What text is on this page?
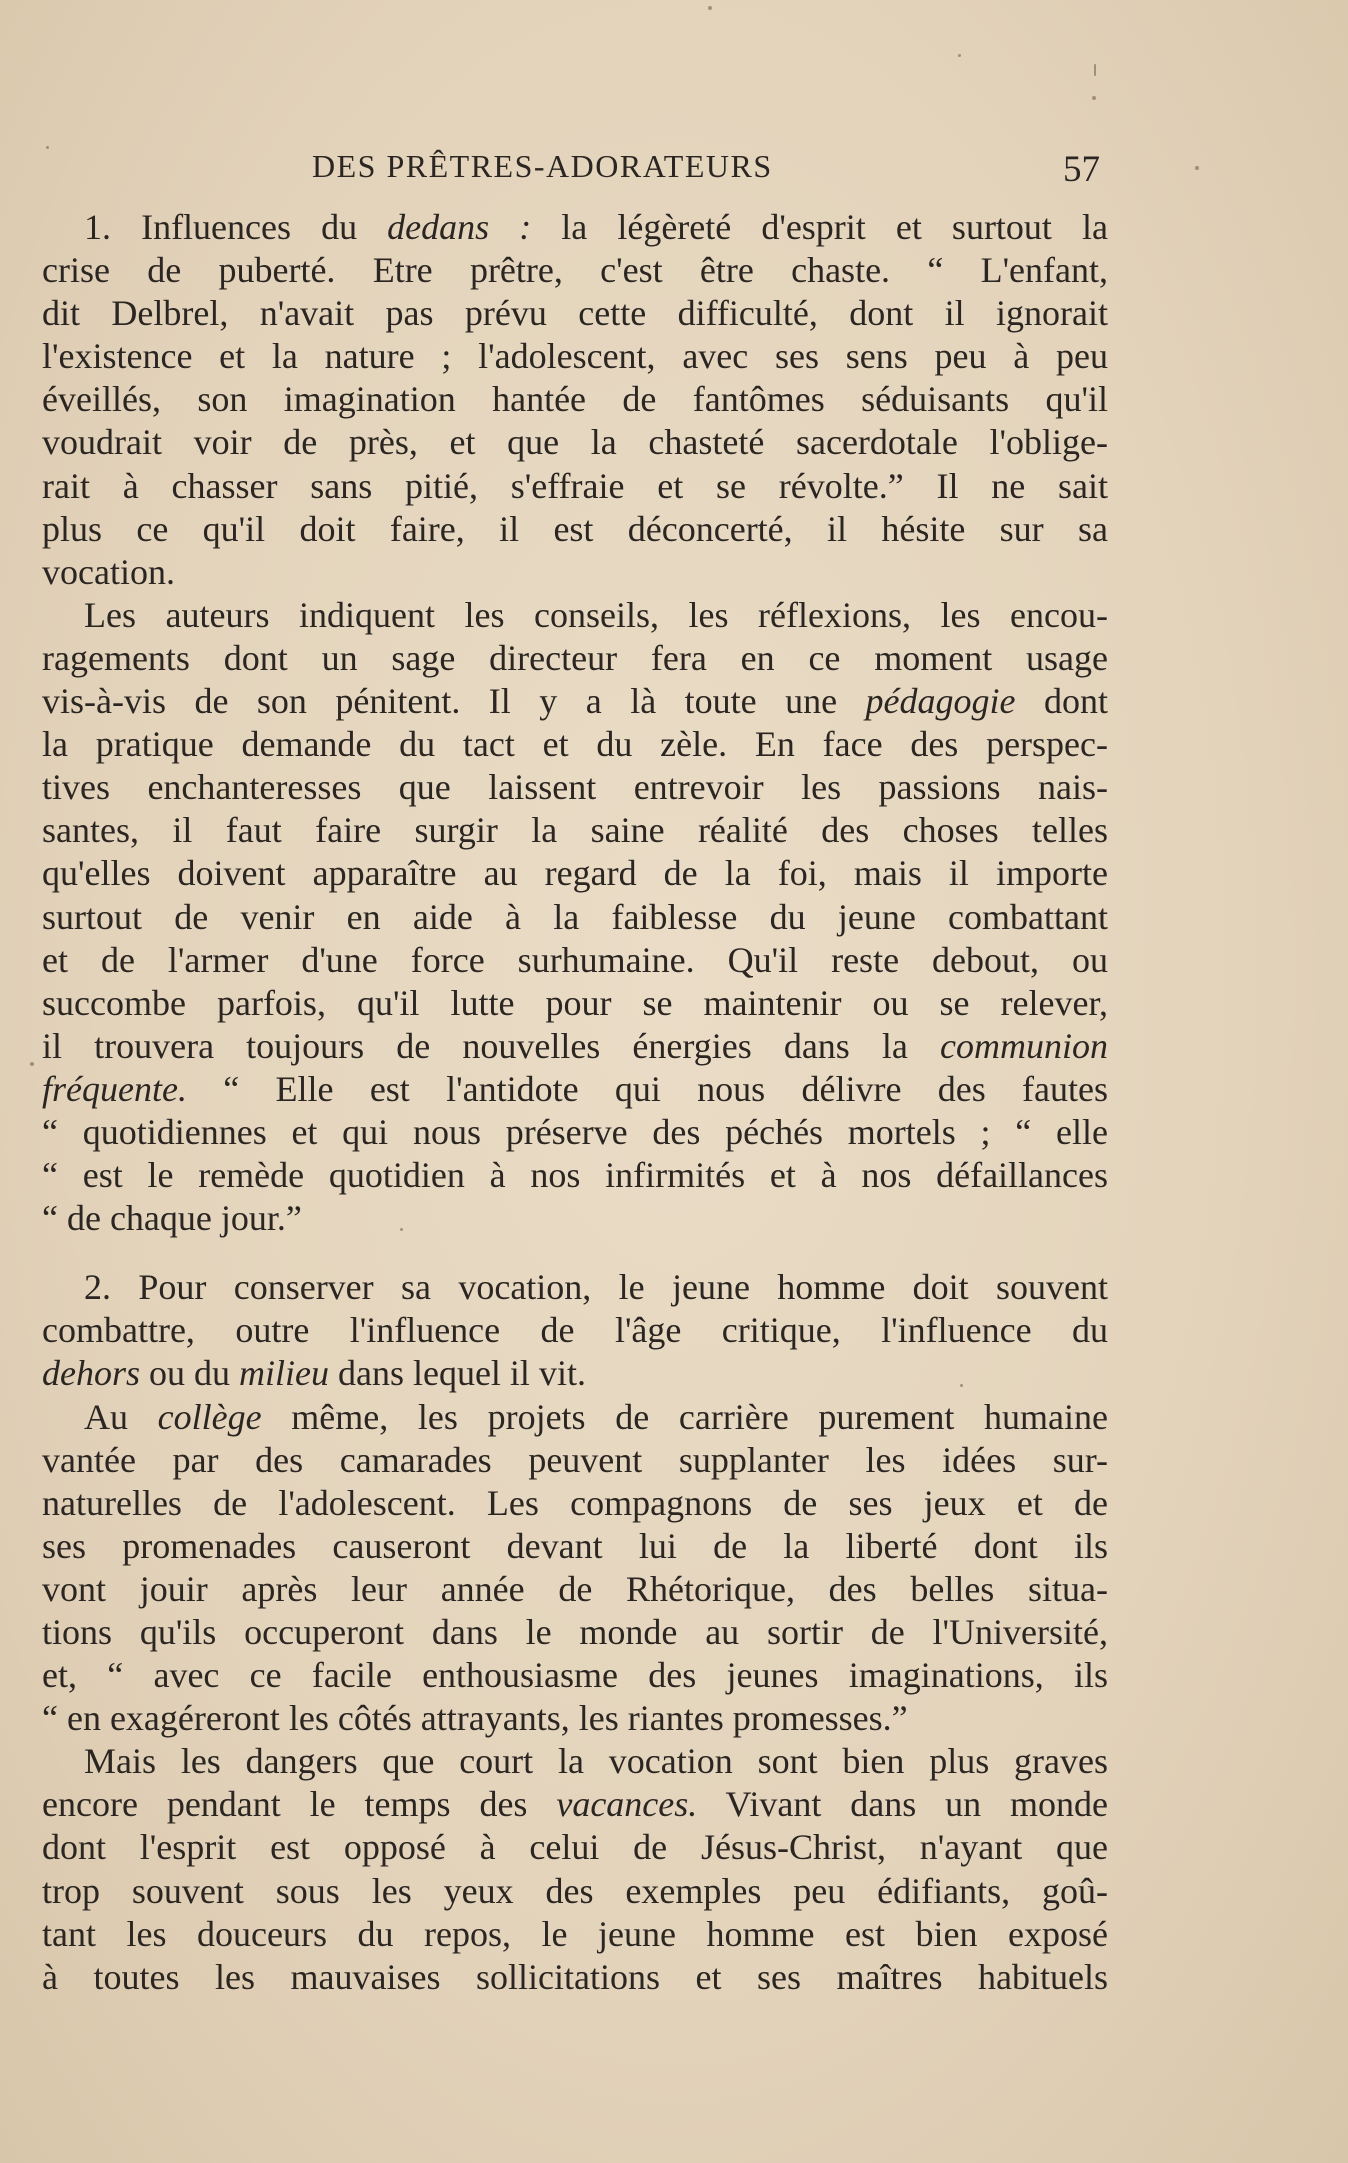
DES PRÊTRES-ADORATEURS	57
1. Influences du dedans : la légèreté d'esprit et surtout la
crise de puberté. Etre prêtre, c'est être chaste. “ L'enfant,
dit Delbrel, n'avait pas prévu cette difficulté, dont il ignorait
l'existence et la nature ; l'adolescent, avec ses sens peu à peu
éveillés, son imagination hantée de fantômes séduisants qu'il
voudrait voir de près, et que la chasteté sacerdotale l'oblige-
rait à chasser sans pitié, s'effraie et se révolte.” Il ne sait
plus ce qu'il doit faire, il est déconcerté, il hésite sur sa
vocation.
Les auteurs indiquent les conseils, les réflexions, les encou-
ragements dont un sage directeur fera en ce moment usage
vis-à-vis de son pénitent. Il y a là toute une pédagogie dont
la pratique demande du tact et du zèle. En face des perspec-
tives enchanteresses que laissent entrevoir les passions nais-
santes, il faut faire surgir la saine réalité des choses telles
qu'elles doivent apparaître au regard de la foi, mais il importe
surtout de venir en aide à la faiblesse du jeune combattant
et de l'armer d'une force surhumaine. Qu'il reste debout, ou
succombe parfois, qu'il lutte pour se maintenir ou se relever,
il trouvera toujours de nouvelles énergies dans la communion
fréquente. “ Elle est l'antidote qui nous délivre des fautes
“ quotidiennes et qui nous préserve des péchés mortels ; “ elle
“ est le remède quotidien à nos infirmités et à nos défaillances
“ de chaque jour.”
2. Pour conserver sa vocation, le jeune homme doit souvent
combattre, outre l'influence de l'âge critique, l'influence du
dehors ou du milieu dans lequel il vit.
Au collège même, les projets de carrière purement humaine
vantée par des camarades peuvent supplanter les idées sur-
naturelles de l'adolescent. Les compagnons de ses jeux et de
ses promenades causeront devant lui de la liberté dont ils
vont jouir après leur année de Rhétorique, des belles situa-
tions qu'ils occuperont dans le monde au sortir de l'Université,
et, “ avec ce facile enthousiasme des jeunes imaginations, ils
“ en exagéreront les côtés attrayants, les riantes promesses.”
Mais les dangers que court la vocation sont bien plus graves
encore pendant le temps des vacances. Vivant dans un monde
dont l'esprit est opposé à celui de Jésus-Christ, n'ayant que
trop souvent sous les yeux des exemples peu édifiants, goû-
tant les douceurs du repos, le jeune homme est bien exposé
à toutes les mauvaises sollicitations et ses maîtres habituels
